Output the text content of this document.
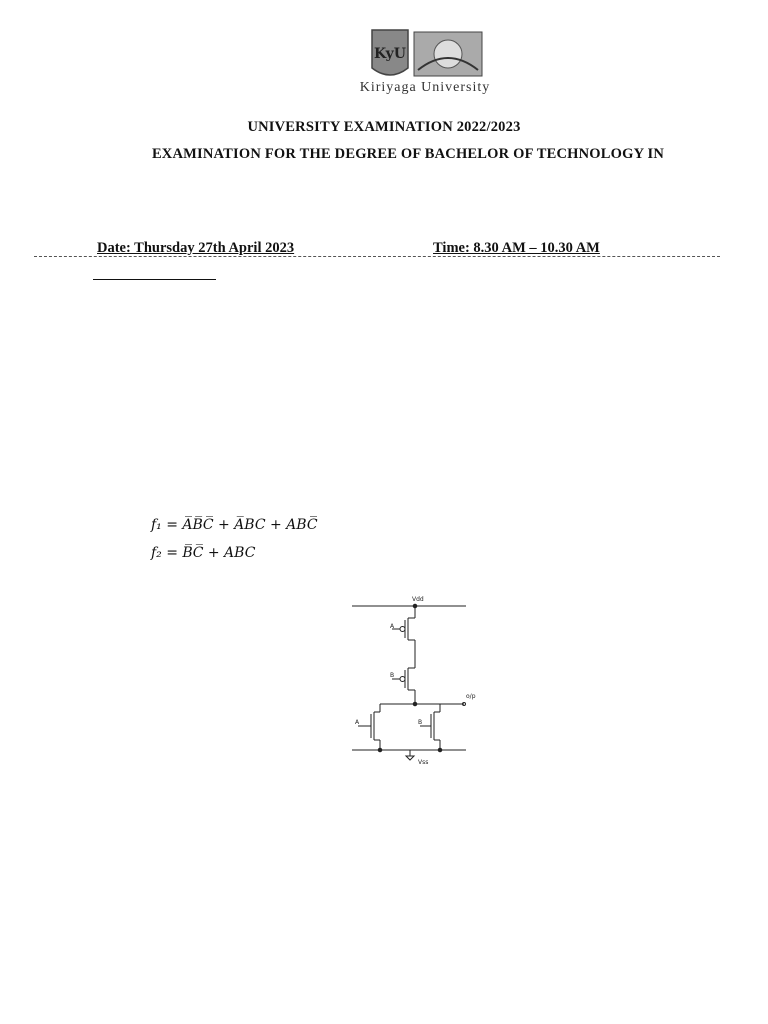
KyU
Kiriyaga University
UNIVERSITY EXAMINATION 2022/2023
EXAMINATION FOR THE DEGREE OF BACHELOR OF TECHNOLOGY IN
Date: Thursday 27th April 2023	Time: 8.30 AM – 10.30 AM
f₁ = A̅B̅C̅ + A̅BC + ABC̅
f₂ = B̅C̅ + ABC
Vdd
A
B
o/p
A	B
Vss
